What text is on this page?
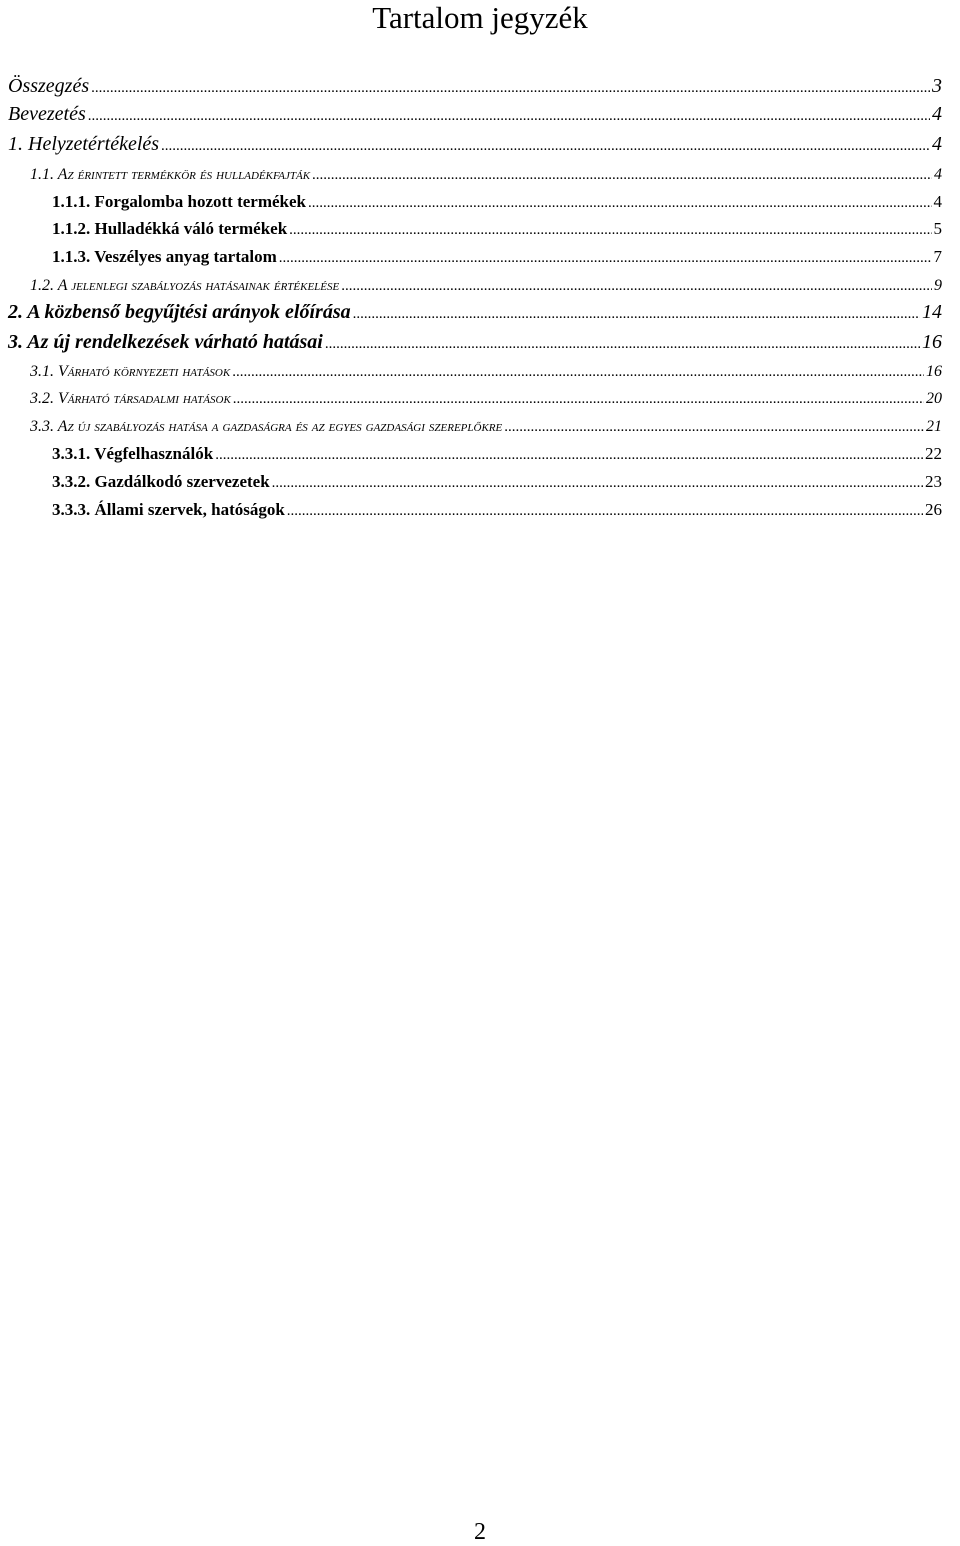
Tartalom jegyzék
Összegzés .....	3
Bevezetés .....	4
1. Helyzetértékelés .....	4
1.1. Az érintett termékkör és hulladékfajták .....	4
1.1.1. Forgalomba hozott termékek .....	4
1.1.2. Hulladékká váló termékek .....	5
1.1.3. Veszélyes anyag tartalom .....	7
1.2. A jelenlegi szabályozás hatásainak értékelése .....	9
2. A közbenső begyűjtési arányok előírása .....	14
3. Az új rendelkezések várható hatásai .....	16
3.1. Várható környezeti hatások .....	16
3.2. Várható társadalmi hatások .....	20
3.3. Az új szabályozás hatása a gazdaságra és az egyes gazdasági szereplőkre .....	21
3.3.1. Végfelhasználók .....	22
3.3.2. Gazdálkodó szervezetek .....	23
3.3.3. Állami szervek, hatóságok .....	26
2
